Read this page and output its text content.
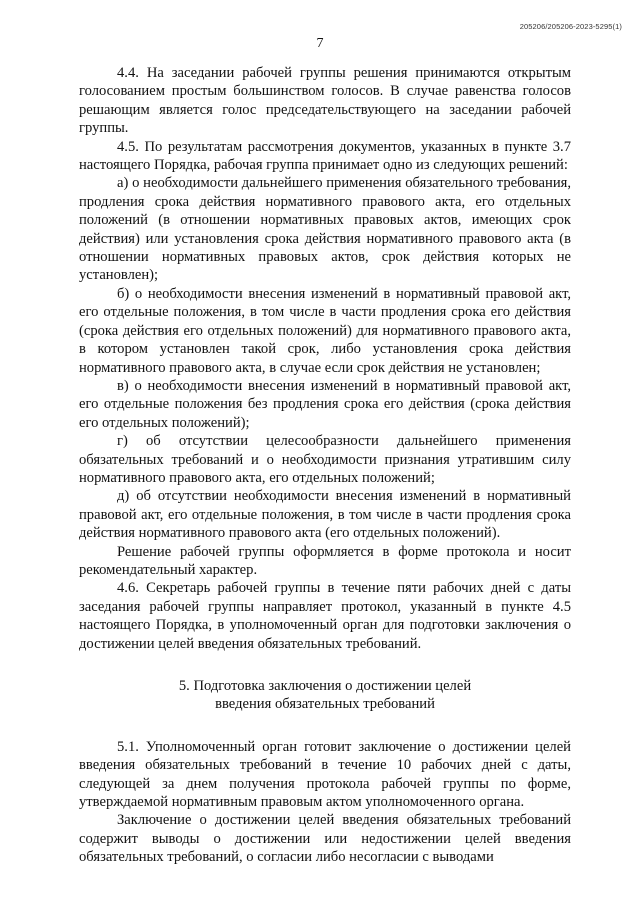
205206/205206-2023-5295(1)
7

4.4. На заседании рабочей группы решения принимаются открытым голосованием простым большинством голосов. В случае равенства голосов решающим является голос председательствующего на заседании рабочей группы.

4.5. По результатам рассмотрения документов, указанных в пункте 3.7 настоящего Порядка, рабочая группа принимает одно из следующих решений:

а) о необходимости дальнейшего применения обязательного требования, продления срока действия нормативного правового акта, его отдельных положений (в отношении нормативных правовых актов, имеющих срок действия) или установления срока действия нормативного правового акта (в отношении нормативных правовых актов, срок действия которых не установлен);

б) о необходимости внесения изменений в нормативный правовой акт, его отдельные положения, в том числе в части продления срока его действия (срока действия его отдельных положений) для нормативного правового акта, в котором установлен такой срок, либо установления срока действия нормативного правового акта, в случае если срок действия не установлен;

в) о необходимости внесения изменений в нормативный правовой акт, его отдельные положения без продления срока его действия (срока действия его отдельных положений);

г) об отсутствии целесообразности дальнейшего применения обязательных требований и о необходимости признания утратившим силу нормативного правового акта, его отдельных положений;

д) об отсутствии необходимости внесения изменений в нормативный правовой акт, его отдельные положения, в том числе в части продления срока действия нормативного правового акта (его отдельных положений).

Решение рабочей группы оформляется в форме протокола и носит рекомендательный характер.

4.6. Секретарь рабочей группы в течение пяти рабочих дней с даты заседания рабочей группы направляет протокол, указанный в пункте 4.5 настоящего Порядка, в уполномоченный орган для подготовки заключения о достижении целей введения обязательных требований.

5. Подготовка заключения о достижении целей
введения обязательных требований

5.1. Уполномоченный орган готовит заключение о достижении целей введения обязательных требований в течение 10 рабочих дней с даты, следующей за днем получения протокола рабочей группы по форме, утверждаемой нормативным правовым актом уполномоченного органа.

Заключение о достижении целей введения обязательных требований содержит выводы о достижении или недостижении целей введения обязательных требований, о согласии либо несогласии с выводами
